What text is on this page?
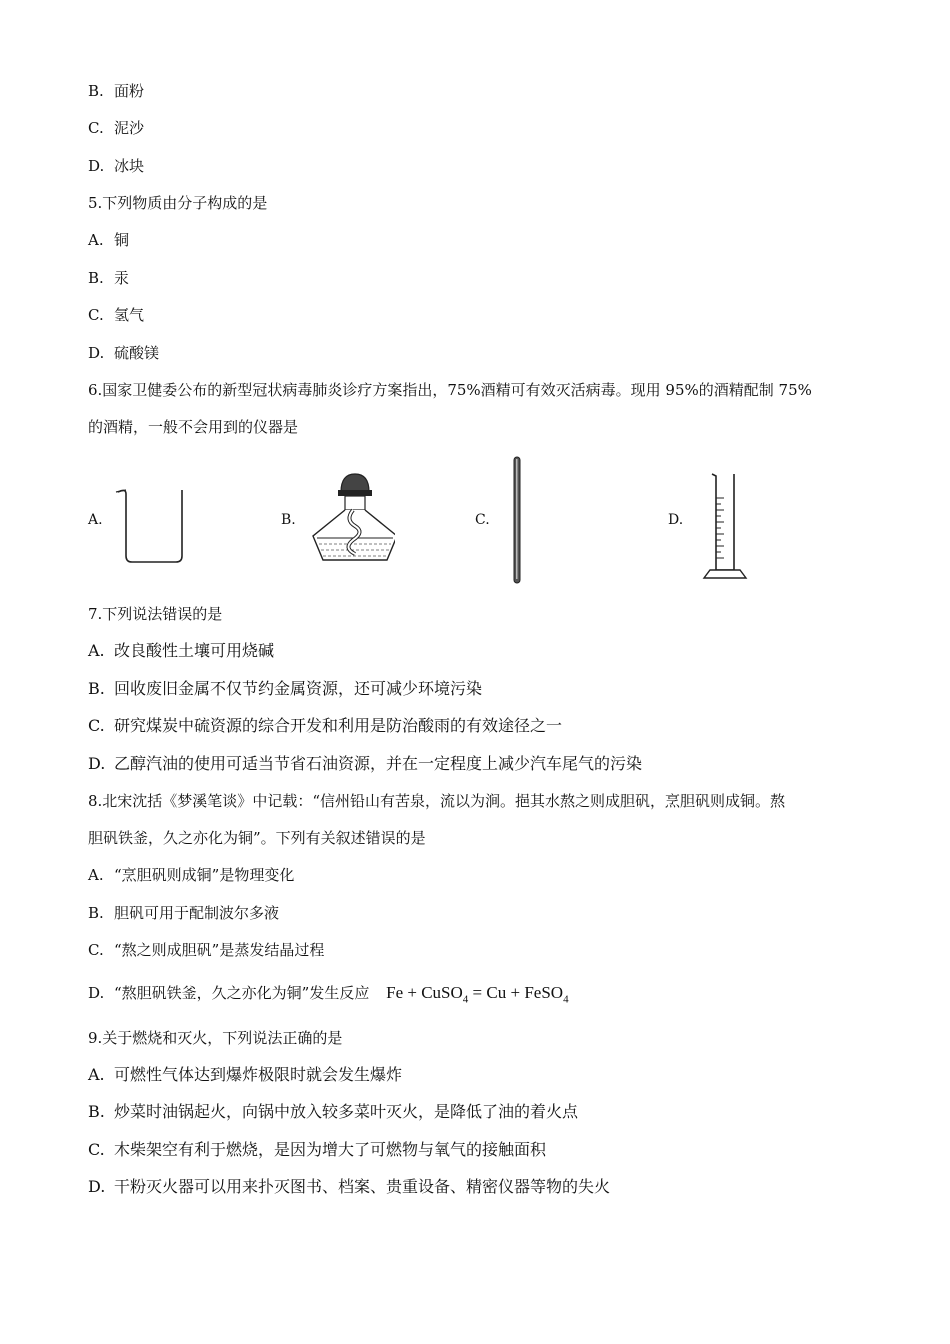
B. 面粉
C. 泥沙
D. 冰块
5.下列物质由分子构成的是
A. 铜
B. 汞
C. 氢气
D. 硫酸镁
6.国家卫健委公布的新型冠状病毒肺炎诊疗方案指出，75%酒精可有效灭活病毒。现用 95%的酒精配制 75%
的酒精，一般不会用到的仪器是
A.	B.	C.	D.
7.下列说法错误的是
A. 改良酸性土壤可用烧碱
B. 回收废旧金属不仅节约金属资源，还可减少环境污染
C. 研究煤炭中硫资源的综合开发和利用是防治酸雨的有效途径之一
D. 乙醇汽油的使用可适当节省石油资源，并在一定程度上减少汽车尾气的污染
8.北宋沈括《梦溪笔谈》中记载：“信州铅山有苦泉，流以为涧。挹其水熬之则成胆矾，烹胆矾则成铜。熬
胆矾铁釜，久之亦化为铜”。下列有关叙述错误的是
A. “烹胆矾则成铜”是物理变化
B. 胆矾可用于配制波尔多液
C. “熬之则成胆矾”是蒸发结晶过程
D. “熬胆矾铁釜，久之亦化为铜”发生反应 Fe + CuSO$_4$ = Cu + FeSO$_4$
9.关于燃烧和灭火，下列说法正确的是
A. 可燃性气体达到爆炸极限时就会发生爆炸
B. 炒菜时油锅起火，向锅中放入较多菜叶灭火，是降低了油的着火点
C. 木柴架空有利于燃烧，是因为增大了可燃物与氧气的接触面积
D. 干粉灭火器可以用来扑灭图书、档案、贵重设备、精密仪器等物的失火
